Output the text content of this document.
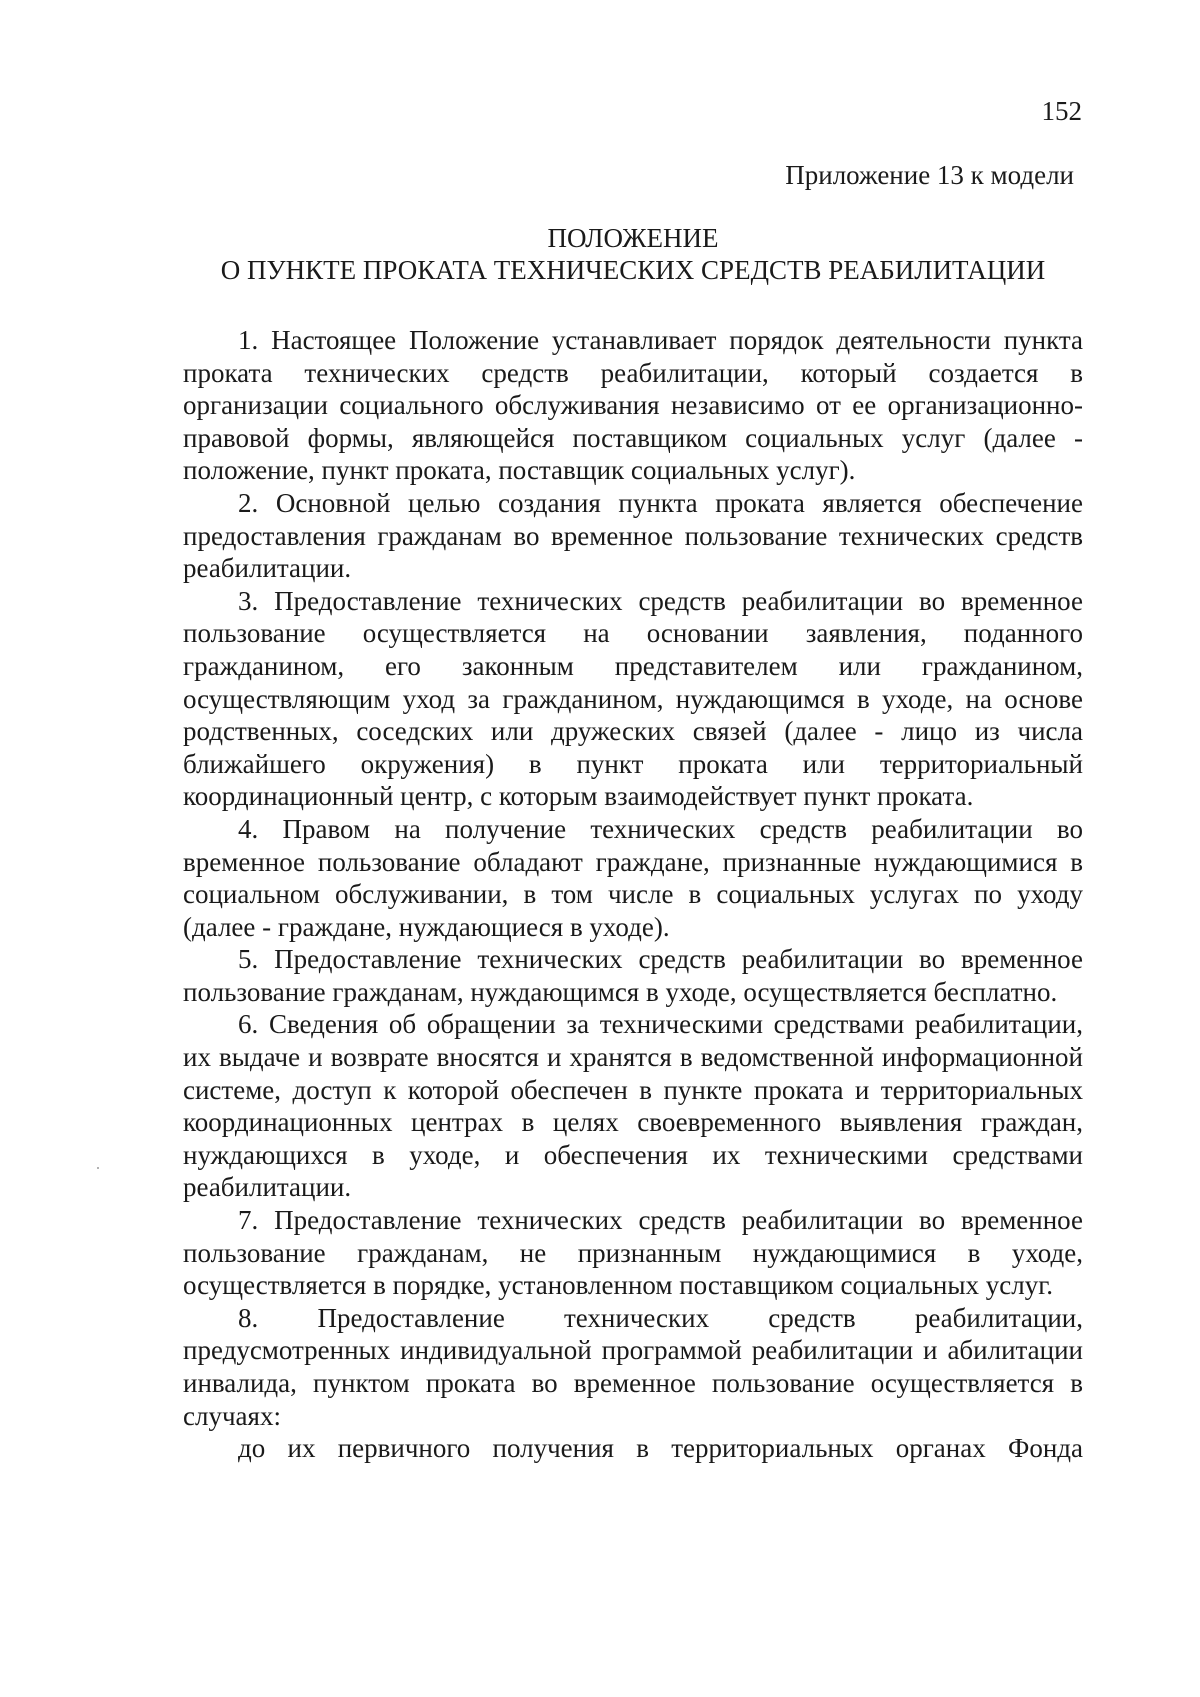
152
Приложение 13 к модели
ПОЛОЖЕНИЕ
О ПУНКТЕ ПРОКАТА ТЕХНИЧЕСКИХ СРЕДСТВ РЕАБИЛИТАЦИИ

1. Настоящее Положение устанавливает порядок деятельности пункта проката технических средств реабилитации, который создается в организации социального обслуживания независимо от ее организационно-правовой формы, являющейся поставщиком социальных услуг (далее - положение, пункт проката, поставщик социальных услуг).

2. Основной целью создания пункта проката является обеспечение предоставления гражданам во временное пользование технических средств реабилитации.

3. Предоставление технических средств реабилитации во временное пользование осуществляется на основании заявления, поданного гражданином, его законным представителем или гражданином, осуществляющим уход за гражданином, нуждающимся в уходе, на основе родственных, соседских или дружеских связей (далее - лицо из числа ближайшего окружения) в пункт проката или территориальный координационный центр, с которым взаимодействует пункт проката.

4. Правом на получение технических средств реабилитации во временное пользование обладают граждане, признанные нуждающимися в социальном обслуживании, в том числе в социальных услугах по уходу (далее - граждане, нуждающиеся в уходе).

5. Предоставление технических средств реабилитации во временное пользование гражданам, нуждающимся в уходе, осуществляется бесплатно.

6. Сведения об обращении за техническими средствами реабилитации, их выдаче и возврате вносятся и хранятся в ведомственной информационной системе, доступ к которой обеспечен в пункте проката и территориальных координационных центрах в целях своевременного выявления граждан, нуждающихся в уходе, и обеспечения их техническими средствами реабилитации.

7. Предоставление технических средств реабилитации во временное пользование гражданам, не признанным нуждающимися в уходе, осуществляется в порядке, установленном поставщиком социальных услуг.

8. Предоставление технических средств реабилитации, предусмотренных индивидуальной программой реабилитации и абилитации инвалида, пунктом проката во временное пользование осуществляется в случаях:

до их первичного получения в территориальных органах Фонда
